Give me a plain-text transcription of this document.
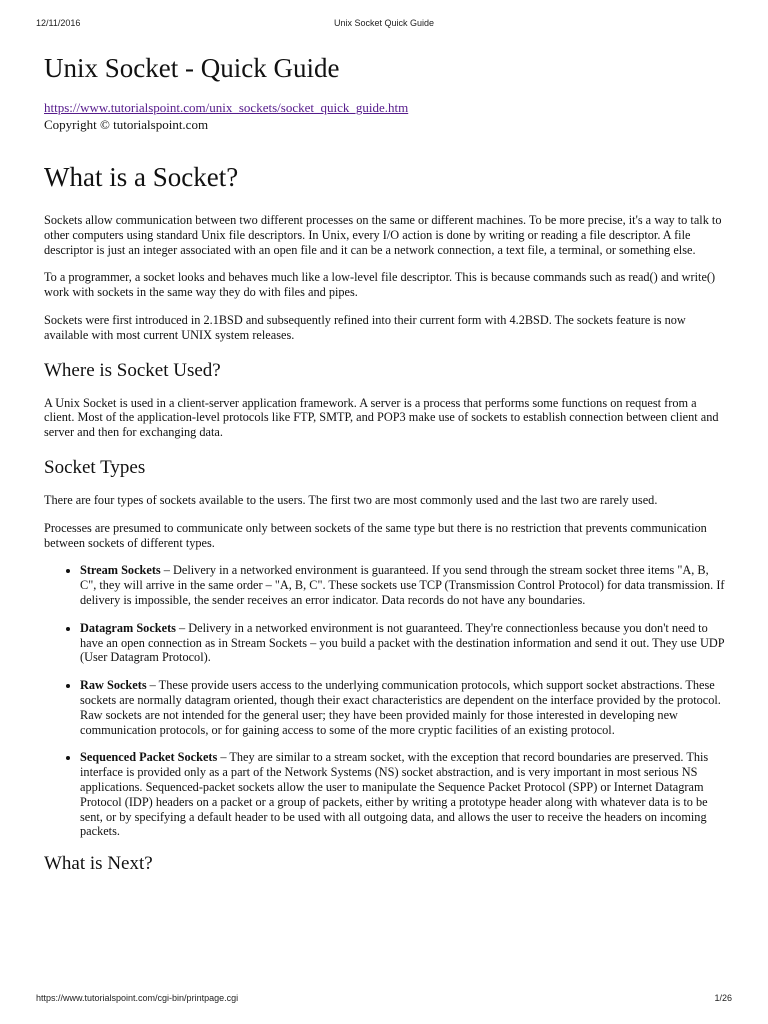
12/11/2016	Unix Socket Quick Guide
Unix Socket - Quick Guide
https://www.tutorialspoint.com/unix_sockets/socket_quick_guide.htm
Copyright © tutorialspoint.com
What is a Socket?

Sockets allow communication between two different processes on the same or different machines. To be more precise, it's a way to talk to other computers using standard Unix file descriptors. In Unix, every I/O action is done by writing or reading a file descriptor. A file descriptor is just an integer associated with an open file and it can be a network connection, a text file, a terminal, or something else.

To a programmer, a socket looks and behaves much like a low-level file descriptor. This is because commands such as read() and write() work with sockets in the same way they do with files and pipes.

Sockets were first introduced in 2.1BSD and subsequently refined into their current form with 4.2BSD. The sockets feature is now available with most current UNIX system releases.

Where is Socket Used?

A Unix Socket is used in a client-server application framework. A server is a process that performs some functions on request from a client. Most of the application-level protocols like FTP, SMTP, and POP3 make use of sockets to establish connection between client and server and then for exchanging data.

Socket Types

There are four types of sockets available to the users. The first two are most commonly used and the last two are rarely used.

Processes are presumed to communicate only between sockets of the same type but there is no restriction that prevents communication between sockets of different types.

• Stream Sockets – Delivery in a networked environment is guaranteed. If you send through the stream socket three items "A, B, C", they will arrive in the same order – "A, B, C". These sockets use TCP (Transmission Control Protocol) for data transmission. If delivery is impossible, the sender receives an error indicator. Data records do not have any boundaries.
• Datagram Sockets – Delivery in a networked environment is not guaranteed. They're connectionless because you don't need to have an open connection as in Stream Sockets – you build a packet with the destination information and send it out. They use UDP (User Datagram Protocol).
• Raw Sockets – These provide users access to the underlying communication protocols, which support socket abstractions. These sockets are normally datagram oriented, though their exact characteristics are dependent on the interface provided by the protocol. Raw sockets are not intended for the general user; they have been provided mainly for those interested in developing new communication protocols, or for gaining access to some of the more cryptic facilities of an existing protocol.
• Sequenced Packet Sockets – They are similar to a stream socket, with the exception that record boundaries are preserved. This interface is provided only as a part of the Network Systems (NS) socket abstraction, and is very important in most serious NS applications. Sequenced-packet sockets allow the user to manipulate the Sequence Packet Protocol (SPP) or Internet Datagram Protocol (IDP) headers on a packet or a group of packets, either by writing a prototype header along with whatever data is to be sent, or by specifying a default header to be used with all outgoing data, and allows the user to receive the headers on incoming packets.
What is Next?
https://www.tutorialspoint.com/cgi-bin/printpage.cgi	1/26
